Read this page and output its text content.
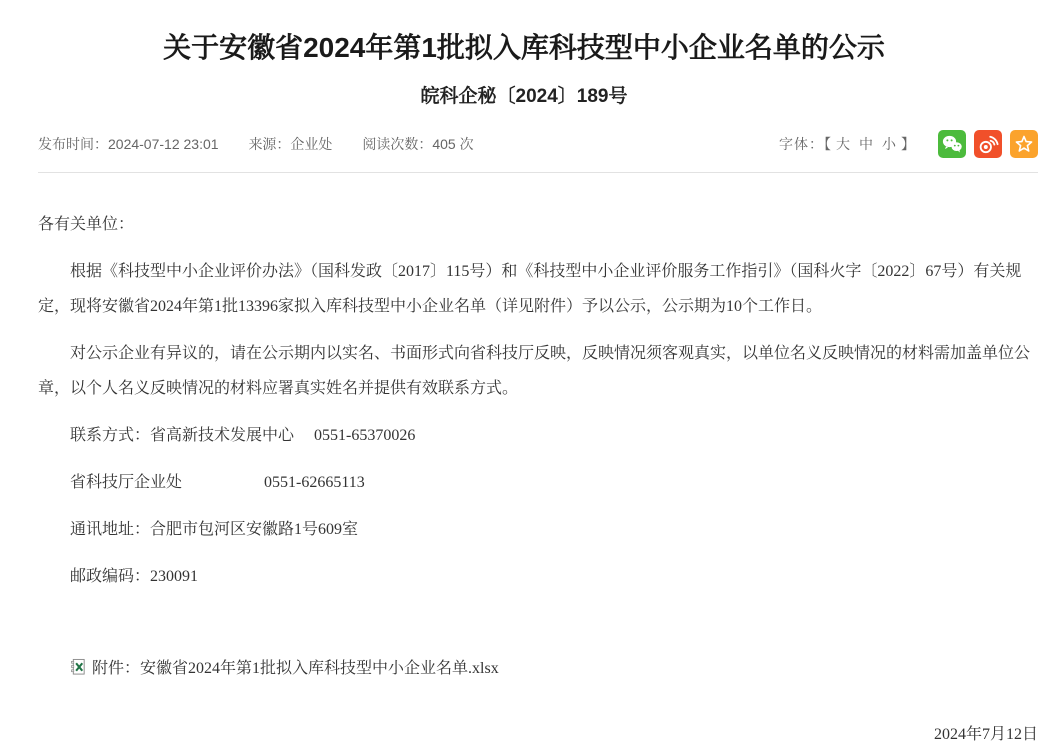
关于安徽省2024年第1批拟入库科技型中小企业名单的公示
皖科企秘〔2024〕189号
发布时间：2024-07-12 23:01 来源：企业处 阅读次数：405 次	字体：【 大 中 小 】

各有关单位：

根据《科技型中小企业评价办法》（国科发政〔2017〕115号）和《科技型中小企业评价服务工作指引》（国科火字〔2022〕67号）有关规定，现将安徽省2024年第1批13396家拟入库科技型中小企业名单（详见附件）予以公示，公示期为10个工作日。

对公示企业有异议的，请在公示期内以实名、书面形式向省科技厅反映，反映情况须客观真实，以单位名义反映情况的材料需加盖单位公章，以个人名义反映情况的材料应署真实姓名并提供有效联系方式。

联系方式：省高新技术发展中心 0551-65370026

省科技厅企业处	0551-62665113

通讯地址：合肥市包河区安徽路1号609室

邮政编码：230091

附件：安徽省2024年第1批拟入库科技型中小企业名单.xlsx

2024年7月12日
